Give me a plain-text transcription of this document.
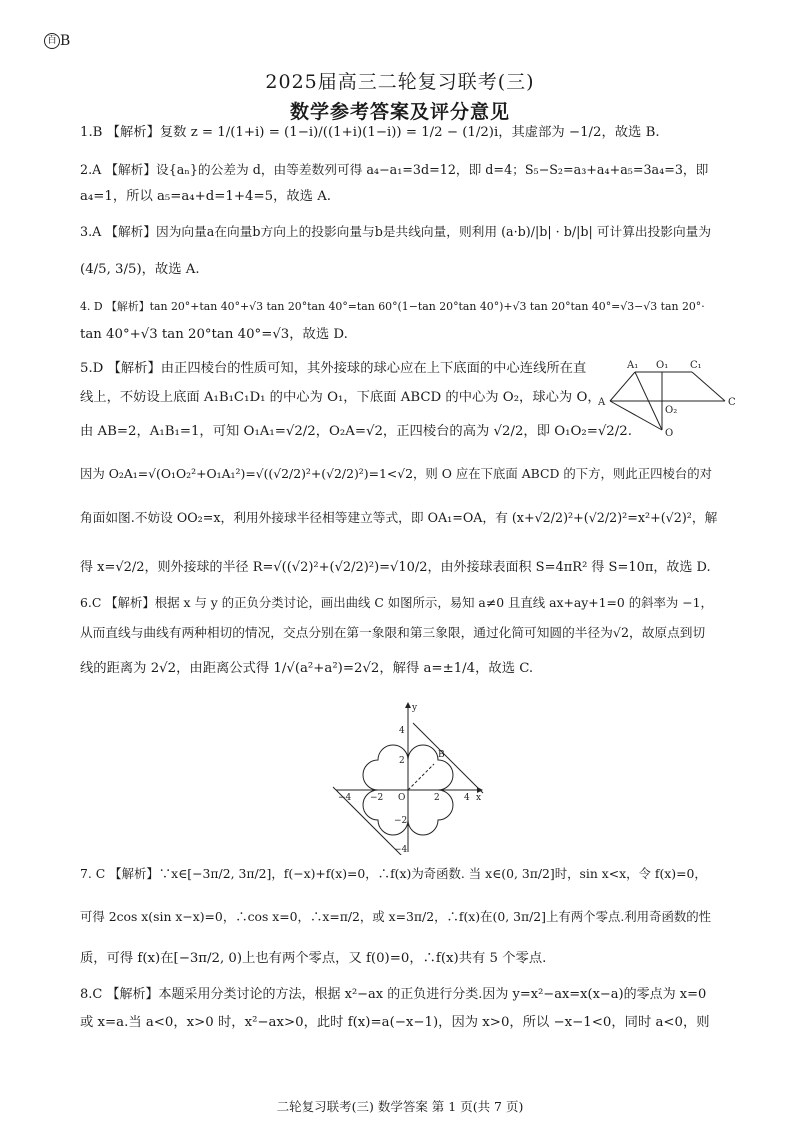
百 B
2025届高三二轮复习联考(三)
数学参考答案及评分意见
1.B 【解析】复数 z = 1/(1+i) = (1−i)/((1+i)(1−i)) = 1/2 − (1/2)i，其虚部为 −1/2，故选 B.
2.A 【解析】设{aₙ}的公差为 d，由等差数列可得 a₄−a₁=3d=12，即 d=4；S₅−S₂=a₃+a₄+a₅=3a₄=3，即
a₄=1，所以 a₅=a₄+d=1+4=5，故选 A.
3.A 【解析】因为向量a在向量b方向上的投影向量与b是共线向量，则利用 (a·b)/|b| · b/|b| 可计算出投影向量为
(4/5, 3/5)，故选 A.
4. D 【解析】tan 20°+tan 40°+√3 tan 20°tan 40°=tan 60°(1−tan 20°tan 40°)+√3 tan 20°tan 40°=√3−√3 tan 20°·
tan 40°+√3 tan 20°tan 40°=√3，故选 D.
5.D 【解析】由正四棱台的性质可知，其外接球的球心应在上下底面的中心连线所在直
线上，不妨设上底面 A₁B₁C₁D₁ 的中心为 O₁，下底面 ABCD 的中心为 O₂，球心为 O，
由 AB=2，A₁B₁=1，可知 O₁A₁=√2/2，O₂A=√2，正四棱台的高为 √2/2，即 O₁O₂=√2/2.
因为 O₂A₁=√(O₁O₂²+O₁A₁²)=√((√2/2)²+(√2/2)²)=1<√2，则 O 应在下底面 ABCD 的下方，则此正四棱台的对
角面如图.不妨设 OO₂=x，利用外接球半径相等建立等式，即 OA₁=OA，有 (x+√2/2)²+(√2/2)²=x²+(√2)²，解
得 x=√2/2，则外接球的半径 R=√((√2)²+(√2/2)²)=√10/2，由外接球表面积 S=4πR² 得 S=10π，故选 D.
6.C 【解析】根据 x 与 y 的正负分类讨论，画出曲线 C 如图所示，易知 a≠0 且直线 ax+ay+1=0 的斜率为 −1，
从而直线与曲线有两种相切的情况，交点分别在第一象限和第三象限，通过化简可知圆的半径为√2，故原点到切
线的距离为 2√2，由距离公式得 1/√(a²+a²)=2√2，解得 a=±1/4，故选 C.
7. C 【解析】∵x∈[−3π/2, 3π/2]，f(−x)+f(x)=0，∴f(x)为奇函数. 当 x∈(0, 3π/2]时，sin x<x，令 f(x)=0，
可得 2cos x(sin x−x)=0，∴cos x=0，∴x=π/2，或 x=3π/2，∴f(x)在(0, 3π/2]上有两个零点.利用奇函数的性
质，可得 f(x)在[−3π/2, 0)上也有两个零点，又 f(0)=0，∴f(x)共有 5 个零点.
8.C 【解析】本题采用分类讨论的方法，根据 x²−ax 的正负进行分类.因为 y=x²−ax=x(x−a)的零点为 x=0
或 x=a.当 a<0，x>0 时，x²−ax>0，此时 f(x)=a(−x−1)，因为 x>0，所以 −x−1<0，同时 a<0，则
A₁ O₁ C₁
A
O₂
C
O
y
x
O
B
4
2
−2
−4
4
2
−2
−4
二轮复习联考(三) 数学答案 第 1 页(共 7 页)
